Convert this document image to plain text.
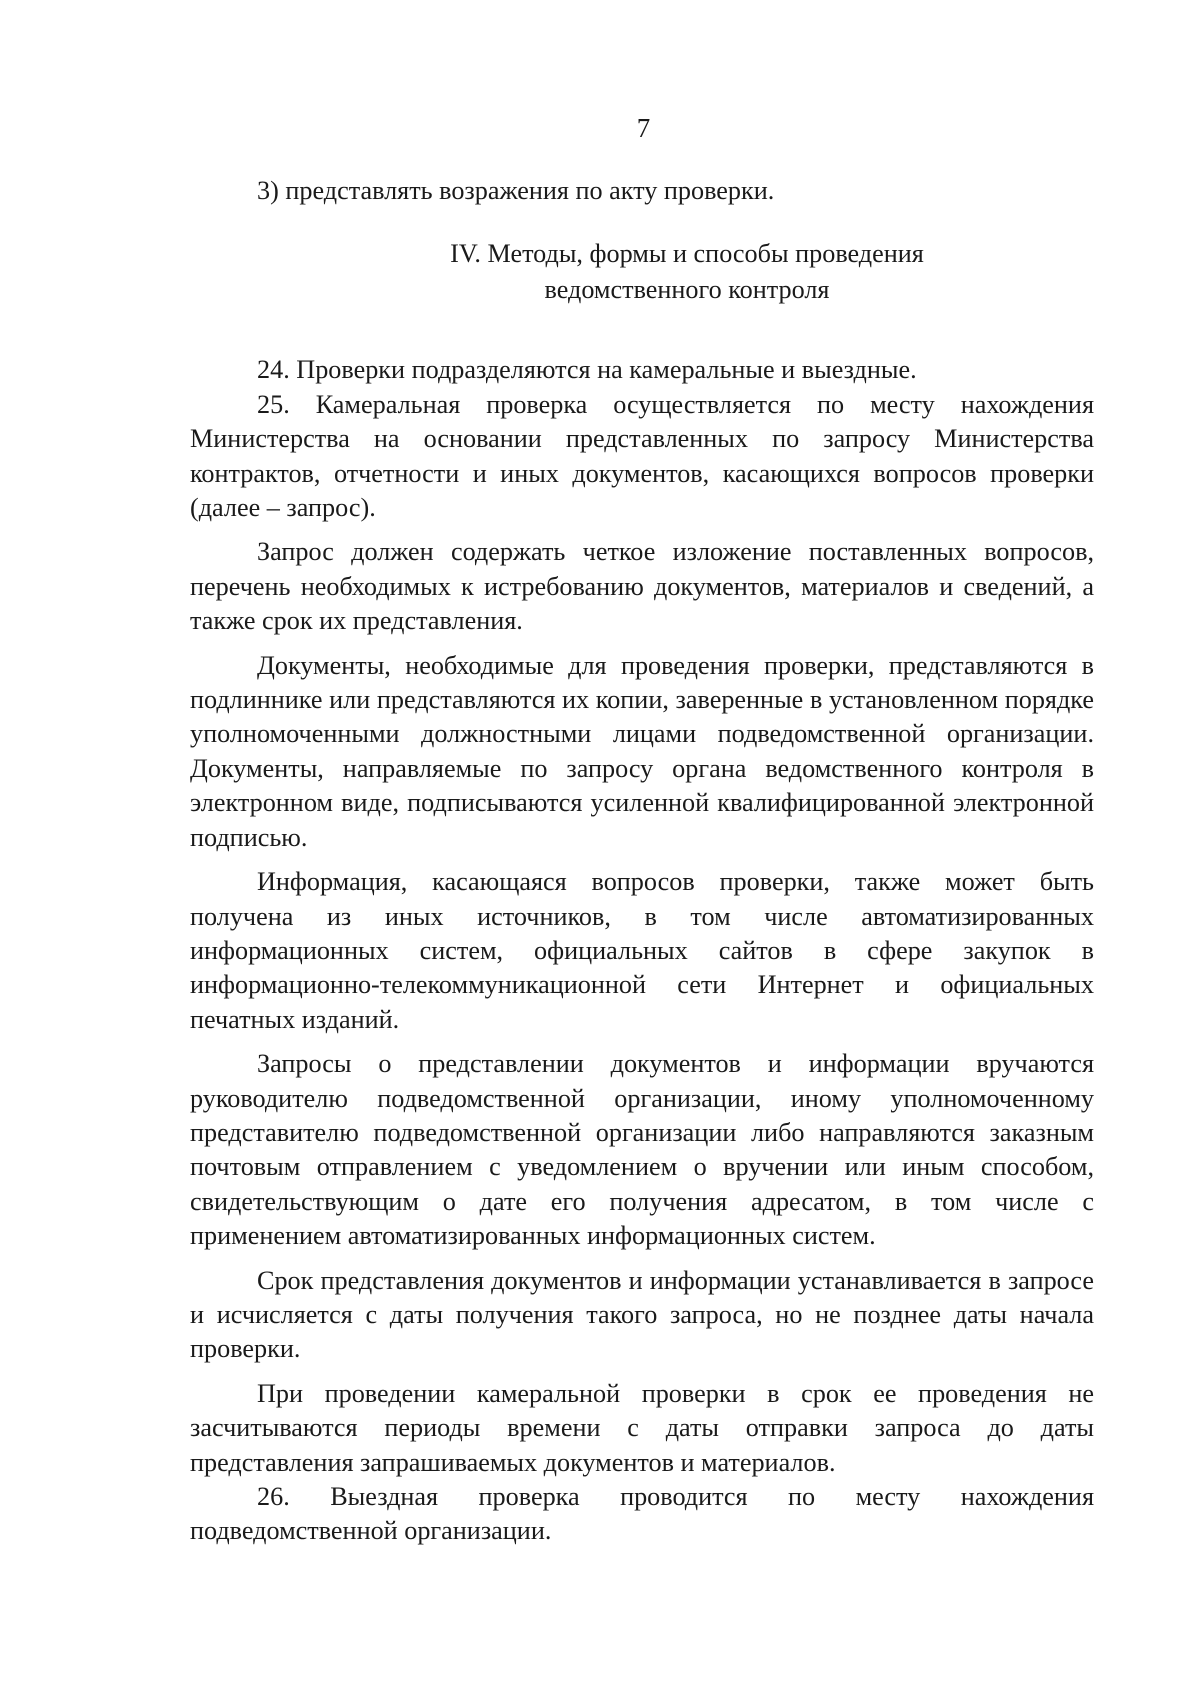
7

3) представлять возражения по акту проверки.

IV. Методы, формы и способы проведения
ведомственного контроля

24. Проверки подразделяются на камеральные и выездные.

25. Камеральная проверка осуществляется по месту нахождения Министерства на основании представленных по запросу Министерства контрактов, отчетности и иных документов, касающихся вопросов проверки (далее – запрос).

Запрос должен содержать четкое изложение поставленных вопросов, перечень необходимых к истребованию документов, материалов и сведений, а также срок их представления.

Документы, необходимые для проведения проверки, представляются в подлиннике или представляются их копии, заверенные в установленном порядке уполномоченными должностными лицами подведомственной организации. Документы, направляемые по запросу органа ведомственного контроля в электронном виде, подписываются усиленной квалифицированной электронной подписью.

Информация, касающаяся вопросов проверки, также может быть получена из иных источников, в том числе автоматизированных информационных систем, официальных сайтов в сфере закупок в информационно-телекоммуникационной сети Интернет и официальных печатных изданий.

Запросы о представлении документов и информации вручаются руководителю подведомственной организации, иному уполномоченному представителю подведомственной организации либо направляются заказным почтовым отправлением с уведомлением о вручении или иным способом, свидетельствующим о дате его получения адресатом, в том числе с применением автоматизированных информационных систем.

Срок представления документов и информации устанавливается в запросе и исчисляется с даты получения такого запроса, но не позднее даты начала проверки.

При проведении камеральной проверки в срок ее проведения не засчитываются периоды времени с даты отправки запроса до даты представления запрашиваемых документов и материалов.

26. Выездная проверка проводится по месту нахождения подведомственной организации.
